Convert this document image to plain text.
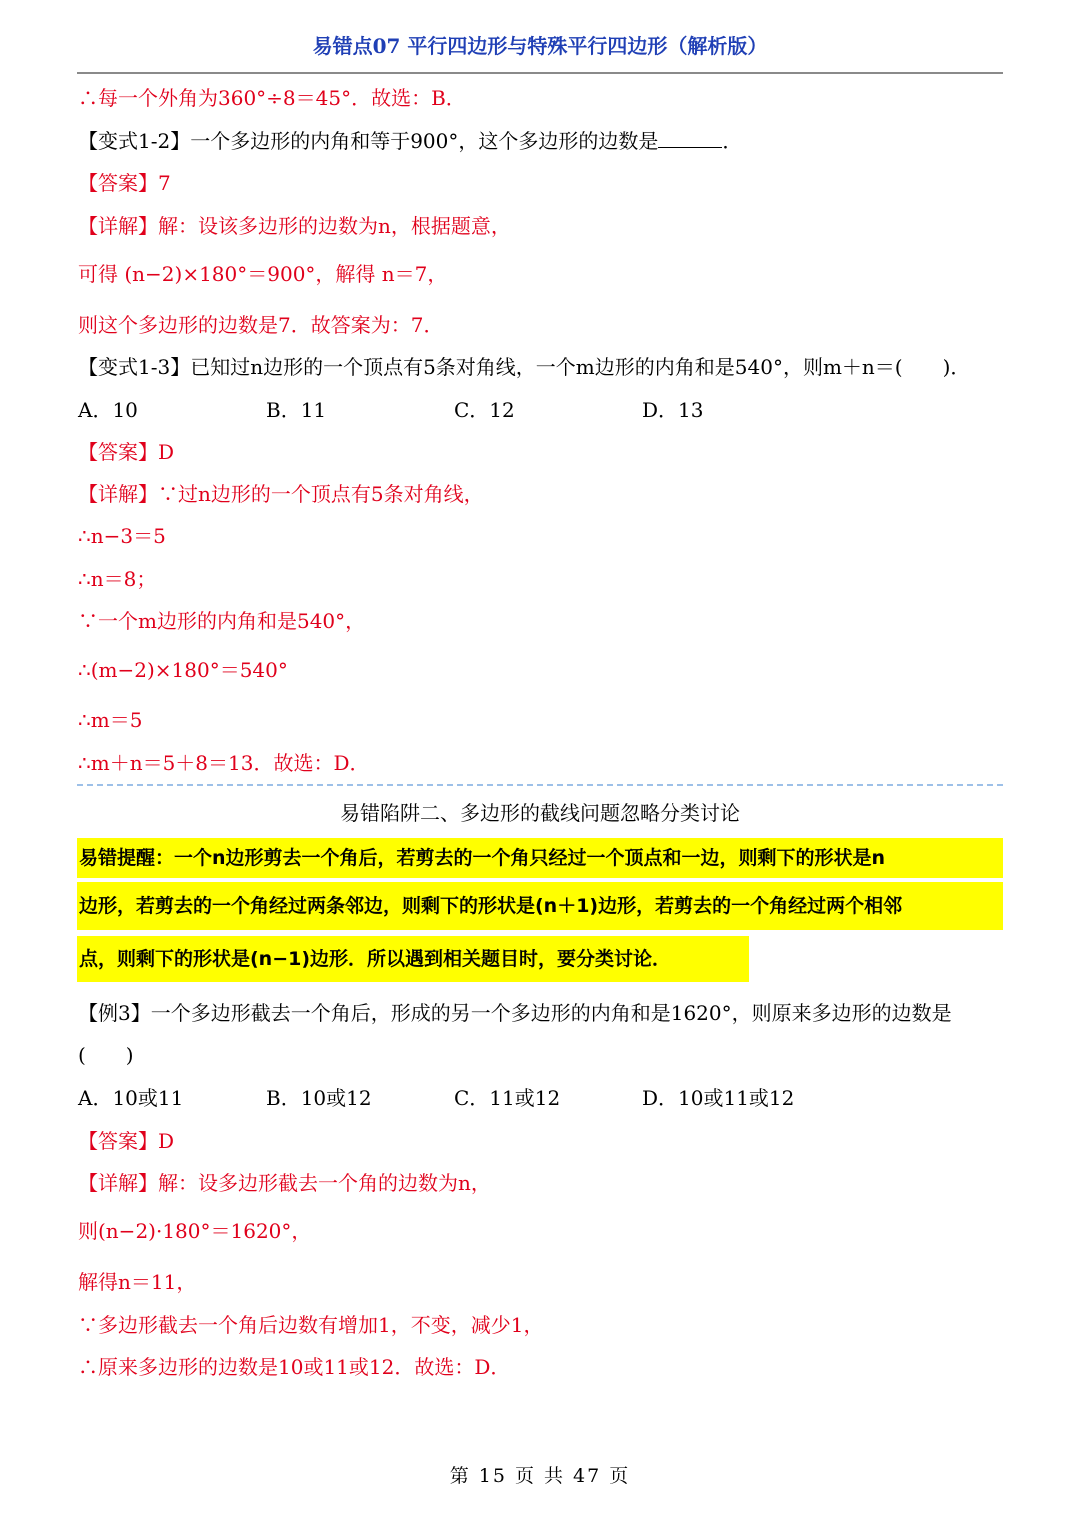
易错点07 平行四边形与特殊平行四边形（解析版）
∴每一个外角为360°÷8＝45°．故选：B．
【变式1-2】一个多边形的内角和等于900°，这个多边形的边数是	．
【答案】7
【详解】解：设该多边形的边数为n，根据题意，
可得 (n−2)×180°＝900°，解得 n＝7，
则这个多边形的边数是7．故答案为：7．
【变式1-3】已知过n边形的一个顶点有5条对角线，一个m边形的内角和是540°，则m＋n＝(　　)．
A．10	B．11	C．12	D．13
【答案】D
【详解】∵过n边形的一个顶点有5条对角线，
∴n−3＝5
∴n＝8；
∵一个m边形的内角和是540°，
∴(m−2)×180°＝540°
∴m＝5
∴m＋n＝5＋8＝13．故选：D．
易错陷阱二、多边形的截线问题忽略分类讨论
易错提醒：一个n边形剪去一个角后，若剪去的一个角只经过一个顶点和一边，则剩下的形状是n
边形，若剪去的一个角经过两条邻边，则剩下的形状是(n＋1)边形，若剪去的一个角经过两个相邻
点，则剩下的形状是(n−1)边形．所以遇到相关题目时，要分类讨论．
【例3】一个多边形截去一个角后，形成的另一个多边形的内角和是1620°，则原来多边形的边数是
(　　)
A．10或11	B．10或12	C．11或12	D．10或11或12
【答案】D
【详解】解：设多边形截去一个角的边数为n，
则(n−2)·180°＝1620°，
解得n＝11，
∵多边形截去一个角后边数有增加1，不变，减少1，
∴原来多边形的边数是10或11或12．故选：D．
第 15 页 共 47 页
